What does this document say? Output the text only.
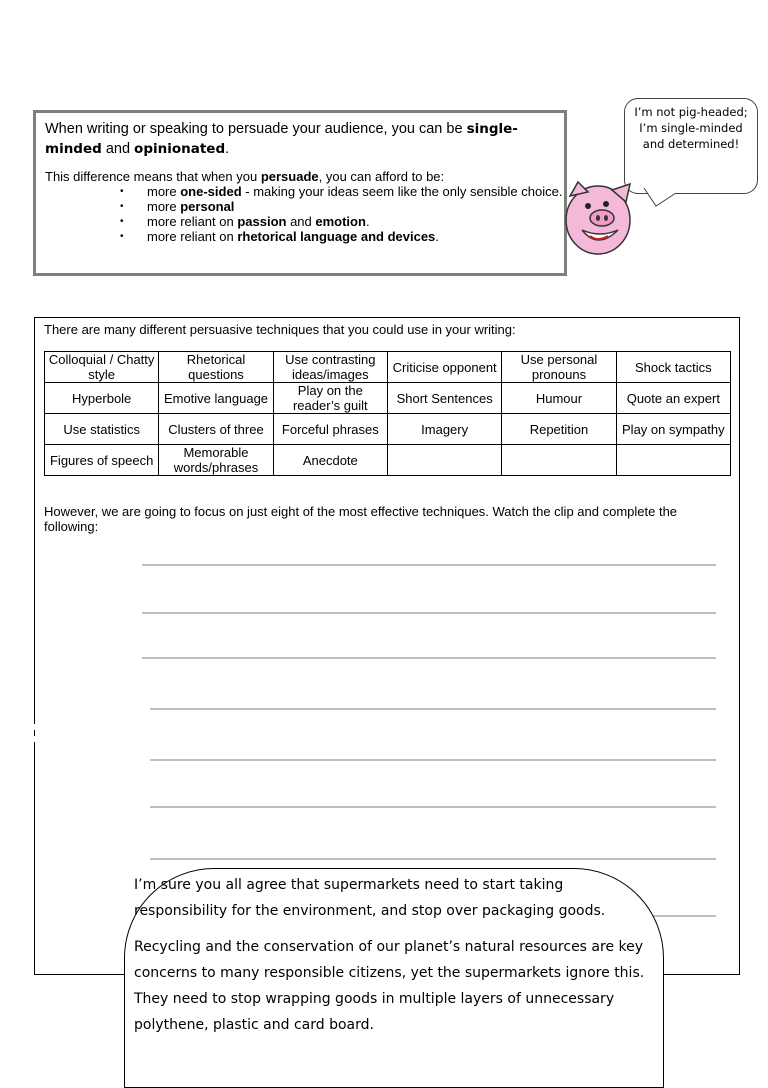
When writing or speaking to persuade your audience, you can be single-minded and opinionated.
This difference means that when you persuade, you can afford to be:
• more one-sided - making your ideas seem like the only sensible choice.
• more personal
• more reliant on passion and emotion.
• more reliant on rhetorical language and devices.
I’m not pig-headed;
I’m single-minded
and determined!
There are many different persuasive techniques that you could use in your writing:
Colloquial / Chatty style	Rhetorical questions	Use contrasting ideas/images	Criticise opponent	Use personal pronouns	Shock tactics
Hyperbole	Emotive language	Play on the reader’s guilt	Short Sentences	Humour	Quote an expert
Use statistics	Clusters of three	Forceful phrases	Imagery	Repetition	Play on sympathy
Figures of speech	Memorable words/phrases	Anecdote			
However, we are going to focus on just eight of the most effective techniques. Watch the clip and complete the following:

I’m sure you all agree that supermarkets need to start taking responsibility for the environment, and stop over packaging goods.

Recycling and the conservation of our planet’s natural resources are key concerns to many responsible citizens, yet the supermarkets ignore this. They need to stop wrapping goods in multiple layers of unnecessary polythene, plastic and card board.
